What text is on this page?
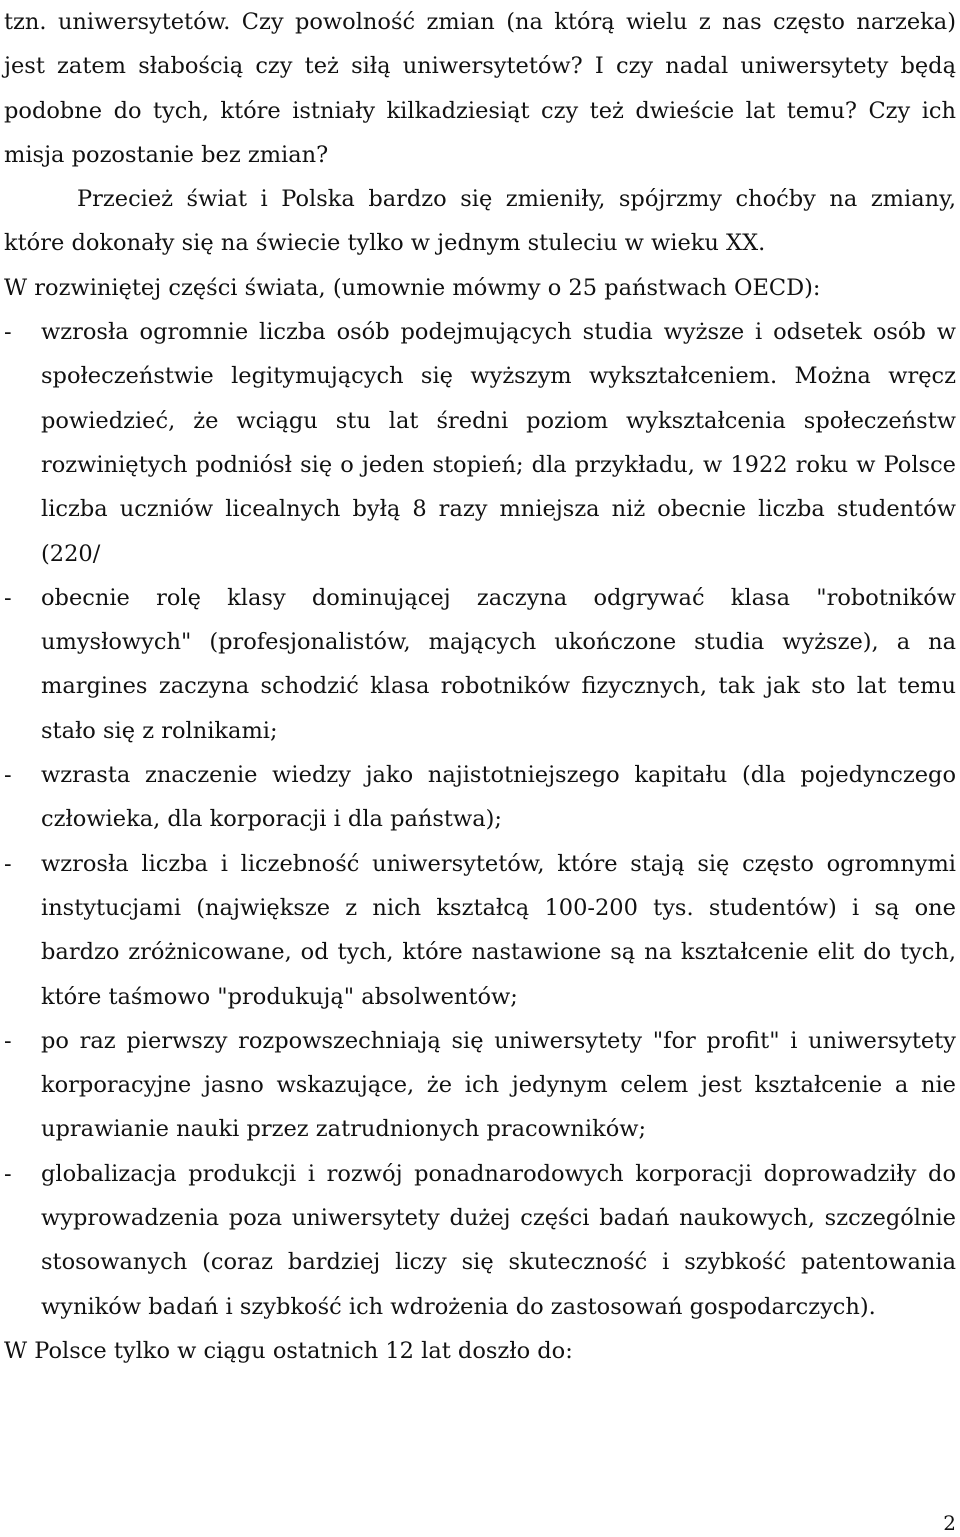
tzn. uniwersytetów. Czy powolność zmian (na którą wielu z nas często narzeka) jest zatem słabością czy też siłą uniwersytetów? I czy nadal uniwersytety będą podobne do tych, które istniały kilkadziesiąt czy też dwieście lat temu? Czy ich misja pozostanie bez zmian?

Przecież świat i Polska bardzo się zmieniły, spójrzmy choćby na zmiany, które dokonały się na świecie tylko w jednym stuleciu w wieku XX.

W rozwiniętej części świata, (umownie mówmy o 25 państwach OECD):

- wzrosła ogromnie liczba osób podejmujących studia wyższe i odsetek osób w społeczeństwie legitymujących się wyższym wykształceniem. Można wręcz powiedzieć, że wciągu stu lat średni poziom wykształcenia społeczeństw rozwiniętych podniósł się o jeden stopień; dla przykładu, w 1922 roku w Polsce liczba uczniów licealnych byłą 8 razy mniejsza niż obecnie liczba studentów (220/
- obecnie rolę klasy dominującej zaczyna odgrywać klasa "robotników umysłowych" (profesjonalistów, mających ukończone studia wyższe), a na margines zaczyna schodzić klasa robotników fizycznych, tak jak sto lat temu stało się z rolnikami;
- wzrasta znaczenie wiedzy jako najistotniejszego kapitału (dla pojedynczego człowieka, dla korporacji i dla państwa);
- wzrosła liczba i liczebność uniwersytetów, które stają się często ogromnymi instytucjami (największe z nich kształcą 100-200 tys. studentów) i są one bardzo zróżnicowane, od tych, które nastawione są na kształcenie elit do tych, które taśmowo "produkują" absolwentów;
- po raz pierwszy rozpowszechniają się uniwersytety "for profit" i uniwersytety korporacyjne jasno wskazujące, że ich jedynym celem jest kształcenie a nie uprawianie nauki przez zatrudnionych pracowników;
- globalizacja produkcji i rozwój ponadnarodowych korporacji doprowadziły do wyprowadzenia poza uniwersytety dużej części badań naukowych, szczególnie stosowanych (coraz bardziej liczy się skuteczność i szybkość patentowania wyników badań i szybkość ich wdrożenia do zastosowań gospodarczych).

W Polsce tylko w ciągu ostatnich 12 lat doszło do:

2
